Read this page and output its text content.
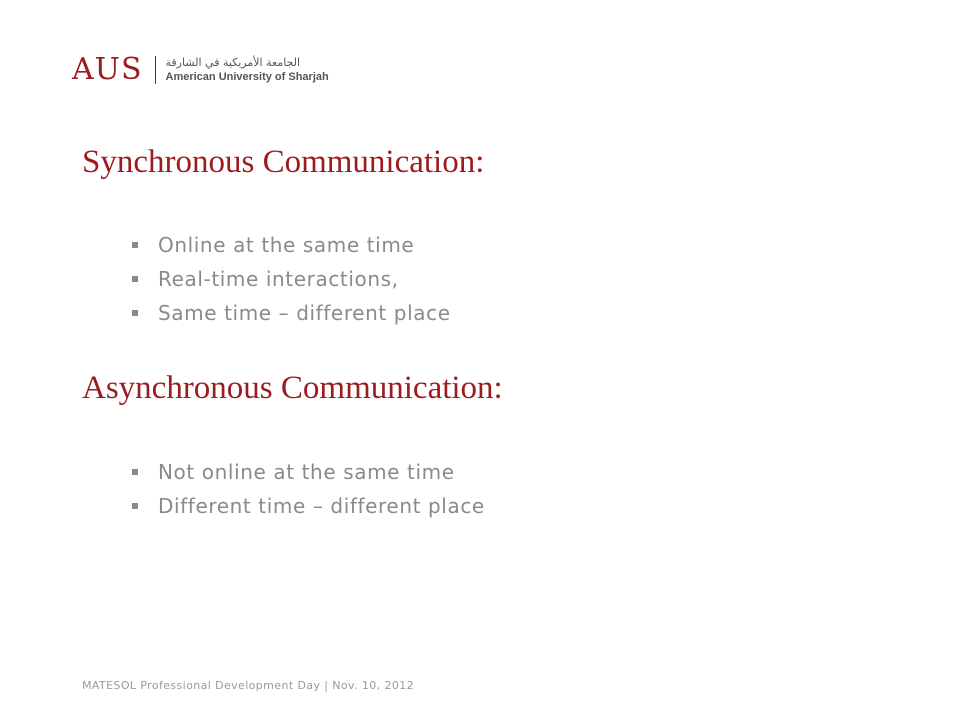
AUS الجامعة الأمريكية في الشارقة
American University of Sharjah
Synchronous Communication:
Online at the same time
Real-time interactions,
Same time – different place
Asynchronous Communication:
Not online at the same time
Different time – different place
MATESOL Professional Development Day | Nov. 10, 2012
